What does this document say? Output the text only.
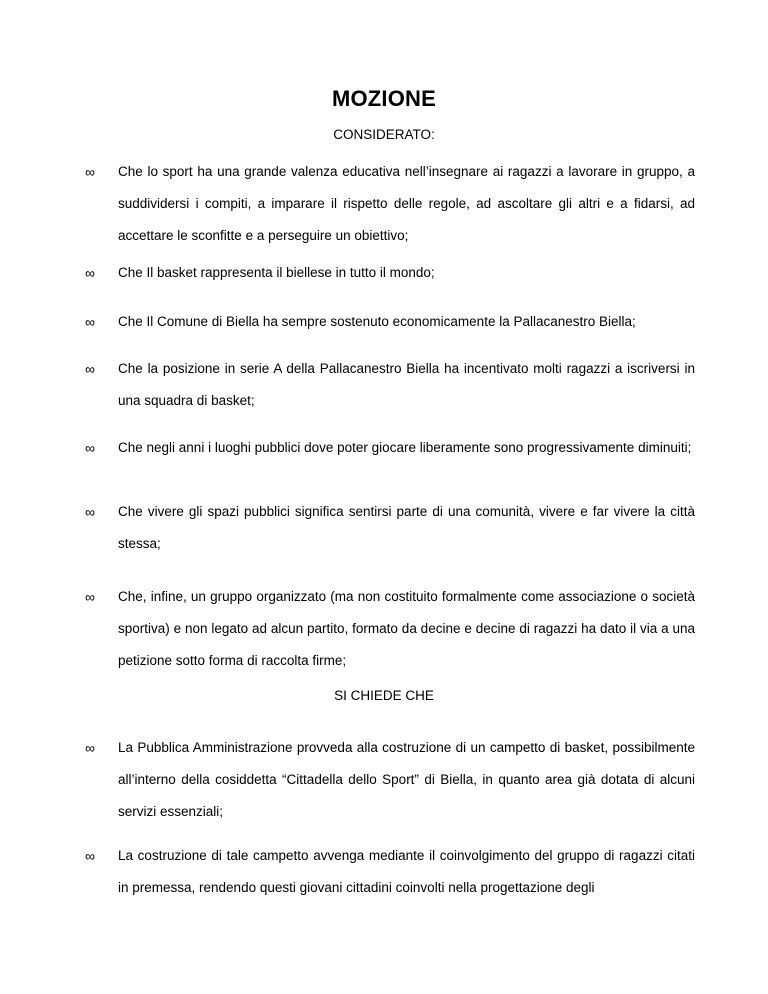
MOZIONE
CONSIDERATO:
∞	Che lo sport ha una grande valenza educativa nell’insegnare ai ragazzi a lavorare in gruppo, a suddividersi i compiti, a imparare il rispetto delle regole, ad ascoltare gli altri e a fidarsi, ad accettare le sconfitte e a perseguire un obiettivo;
∞	Che Il basket rappresenta il biellese in tutto il mondo;
∞	Che Il Comune di Biella ha sempre sostenuto economicamente la Pallacanestro Biella;
∞	Che la posizione in serie A della Pallacanestro Biella ha incentivato molti ragazzi a iscriversi in una squadra di basket;
∞	Che negli anni i luoghi pubblici dove poter giocare liberamente sono progressivamente diminuiti;
∞	Che vivere gli spazi pubblici significa sentirsi parte di una comunità, vivere e far vivere la città stessa;
∞	Che, infine, un gruppo organizzato (ma non costituito formalmente come associazione o società sportiva) e non legato ad alcun partito, formato da decine e decine di ragazzi ha dato il via a una petizione sotto forma di raccolta firme;
SI CHIEDE CHE
∞	La Pubblica Amministrazione provveda alla costruzione di un campetto di basket, possibilmente all’interno della cosiddetta “Cittadella dello Sport” di Biella, in quanto area già dotata di alcuni servizi essenziali;
∞	La costruzione di tale campetto avvenga mediante il coinvolgimento del gruppo di ragazzi citati in premessa, rendendo questi giovani cittadini coinvolti nella progettazione degli
